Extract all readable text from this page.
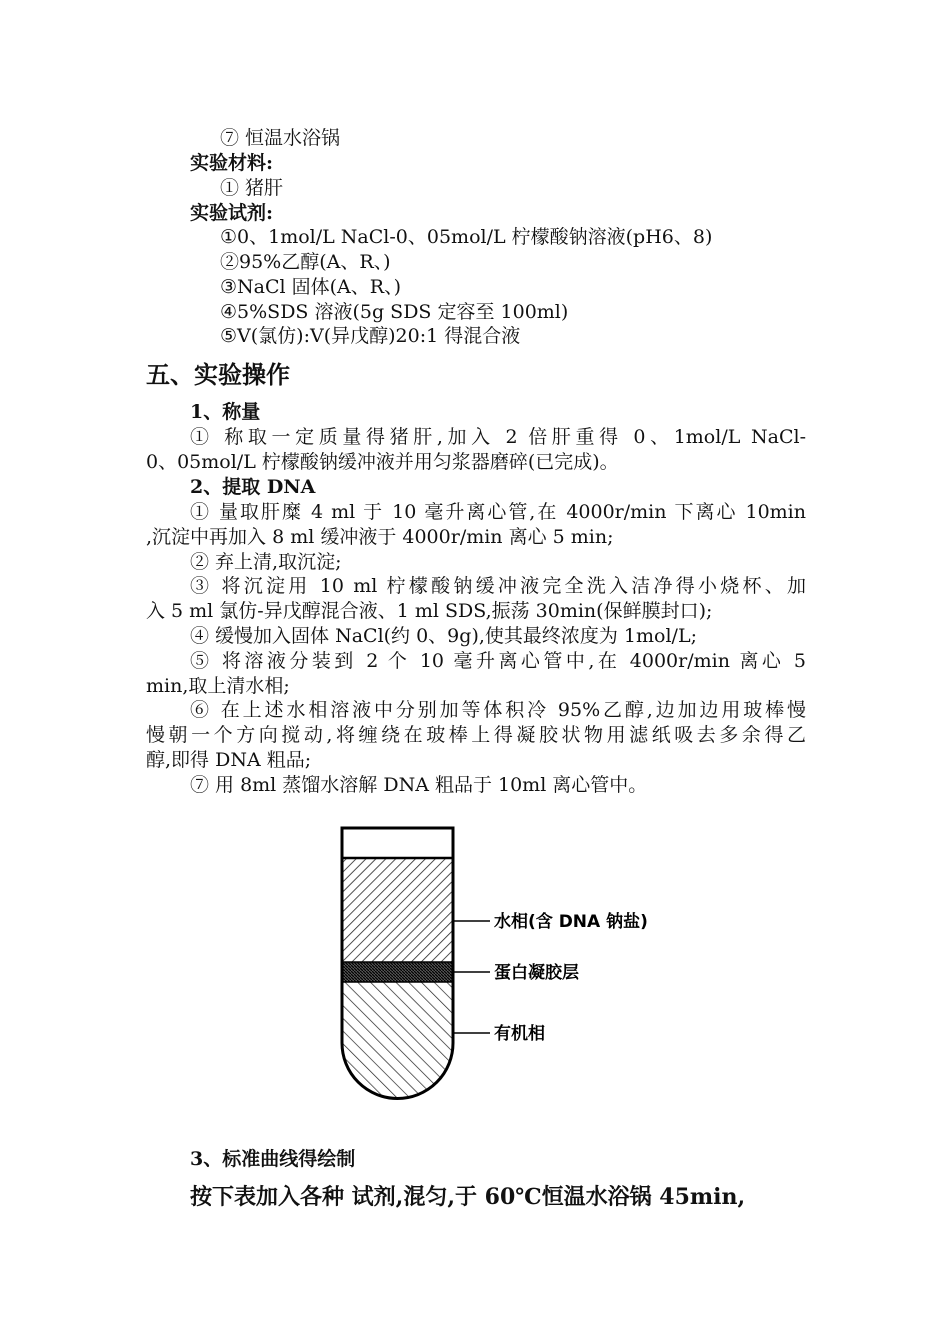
⑦ 恒温水浴锅
实验材料:
① 猪肝
实验试剂:
①0、1mol/L NaCl-0、05mol/L 柠檬酸钠溶液(pH6、8)
②95%乙醇(A、R、)
③NaCl 固体(A、R、)
④5%SDS 溶液(5g SDS 定容至 100ml)
⑤V(氯仿):V(异戊醇)20:1 得混合液
五、实验操作
1、称量
① 称取一定质量得猪肝,加入 2 倍肝重得 0、1mol/L NaCl-
0、05mol/L 柠檬酸钠缓冲液并用匀浆器磨碎(已完成)。
2、提取 DNA
① 量取肝糜 4 ml 于 10 毫升离心管,在 4000r/min 下离心 10min
,沉淀中再加入 8 ml 缓冲液于 4000r/min 离心 5 min;
② 弃上清,取沉淀;
③ 将沉淀用 10 ml 柠檬酸钠缓冲液完全洗入洁净得小烧杯、加
入 5 ml 氯仿-异戊醇混合液、1 ml SDS,振荡 30min(保鲜膜封口);
④ 缓慢加入固体 NaCl(约 0、9g),使其最终浓度为 1mol/L;
⑤ 将溶液分装到 2 个 10 毫升离心管中,在 4000r/min 离心 5
min,取上清水相;
⑥ 在上述水相溶液中分别加等体积冷 95%乙醇,边加边用玻棒慢
慢朝一个方向搅动,将缠绕在玻棒上得凝胶状物用滤纸吸去多余得乙
醇,即得 DNA 粗品;
⑦ 用 8ml 蒸馏水溶解 DNA 粗品于 10ml 离心管中。
水相(含 DNA 钠盐)
蛋白凝胶层
有机相
3、标准曲线得绘制
按下表加入各种 试剂,混匀,于 60℃恒温水浴锅 45min,
